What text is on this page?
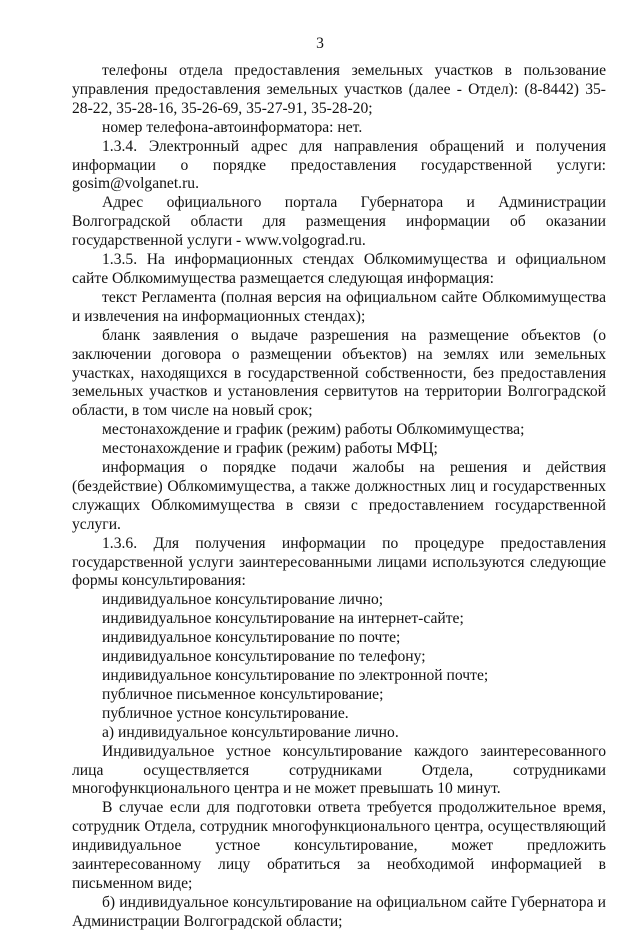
3

телефоны отдела предоставления земельных участков в пользование управления предоставления земельных участков (далее - Отдел): (8-8442) 35-28-22, 35-28-16, 35-26-69, 35-27-91, 35-28-20;

номер телефона-автоинформатора: нет.

1.3.4. Электронный адрес для направления обращений и получения информации о порядке предоставления государственной услуги: gosim@volganet.ru.

Адрес официального портала Губернатора и Администрации Волгоградской области для размещения информации об оказании государственной услуги - www.volgograd.ru.

1.3.5. На информационных стендах Облкомимущества и официальном сайте Облкомимущества размещается следующая информация:

текст Регламента (полная версия на официальном сайте Облкомимущества и извлечения на информационных стендах);

бланк заявления о выдаче разрешения на размещение объектов (о заключении договора о размещении объектов) на землях или земельных участках, находящихся в государственной собственности, без предоставления земельных участков и установления сервитутов на территории Волгоградской области, в том числе на новый срок;

местонахождение и график (режим) работы Облкомимущества;

местонахождение и график (режим) работы МФЦ;

информация о порядке подачи жалобы на решения и действия (бездействие) Облкомимущества, а также должностных лиц и государственных служащих Облкомимущества в связи с предоставлением государственной услуги.

1.3.6. Для получения информации по процедуре предоставления государственной услуги заинтересованными лицами используются следующие формы консультирования:

индивидуальное консультирование лично;

индивидуальное консультирование на интернет-сайте;

индивидуальное консультирование по почте;

индивидуальное консультирование по телефону;

индивидуальное консультирование по электронной почте;

публичное письменное консультирование;

публичное устное консультирование.

а) индивидуальное консультирование лично.

Индивидуальное устное консультирование каждого заинтересованного лица осуществляется сотрудниками Отдела, сотрудниками многофункционального центра и не может превышать 10 минут.

В случае если для подготовки ответа требуется продолжительное время, сотрудник Отдела, сотрудник многофункционального центра, осуществляющий индивидуальное устное консультирование, может предложить заинтересованному лицу обратиться за необходимой информацией в письменном виде;

б) индивидуальное консультирование на официальном сайте Губернатора и Администрации Волгоградской области;
